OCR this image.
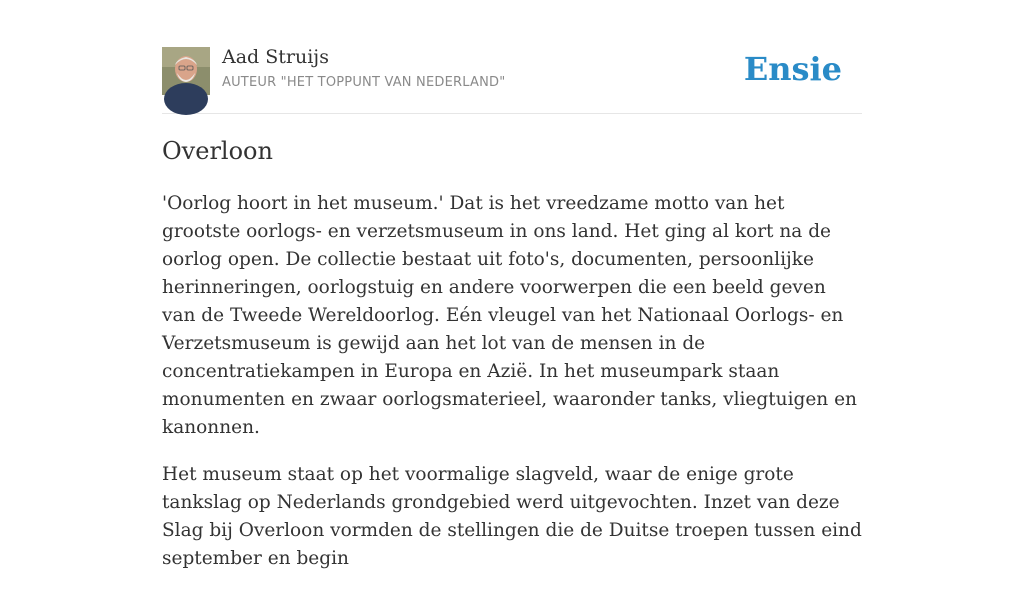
Aad Struijs
AUTEUR "HET TOPPUNT VAN NEDERLAND"	Ensie
Overloon

'Oorlog hoort in het museum.' Dat is het vreedzame motto van het grootste oorlogs- en verzetsmuseum in ons land. Het ging al kort na de oorlog open. De collectie bestaat uit foto's, documenten, persoonlijke herinneringen, oorlogstuig en andere voorwerpen die een beeld geven van de Tweede Wereldoorlog. Eén vleugel van het Nationaal Oorlogs- en Verzetsmuseum is gewijd aan het lot van de mensen in de concentratiekampen in Europa en Azië. In het museumpark staan monumenten en zwaar oorlogsmaterieel, waaronder tanks, vliegtuigen en kanonnen.

Het museum staat op het voormalige slagveld, waar de enige grote tankslag op Nederlands grondgebied werd uitgevochten. Inzet van deze Slag bij Overloon vormden de stellingen die de Duitse troepen tussen eind september en begin
